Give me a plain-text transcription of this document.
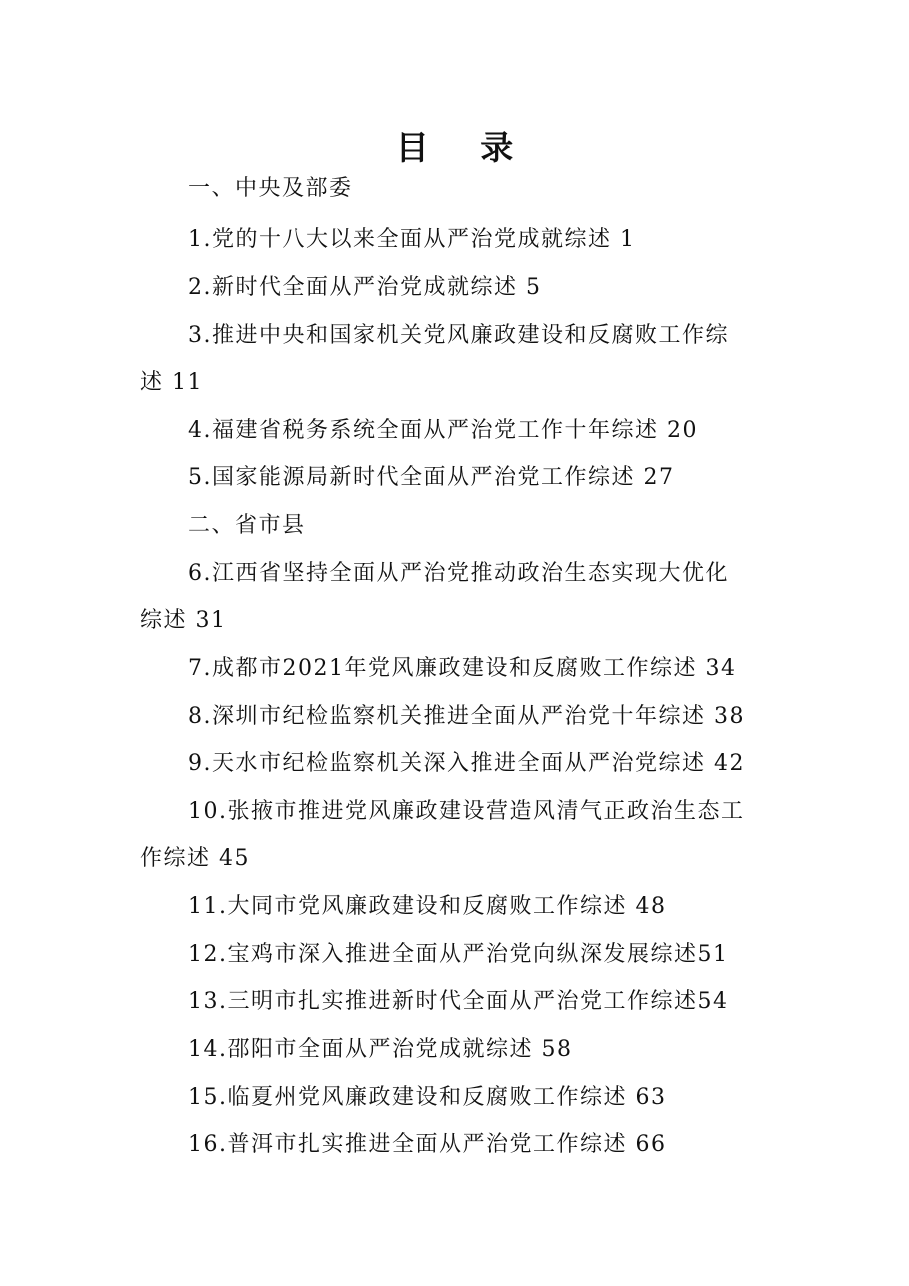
目 录
一、中央及部委
1.党的十八大以来全面从严治党成就综述 1
2.新时代全面从严治党成就综述 5
3.推进中央和国家机关党风廉政建设和反腐败工作综
述 11
4.福建省税务系统全面从严治党工作十年综述 20
5.国家能源局新时代全面从严治党工作综述 27
二、省市县
6.江西省坚持全面从严治党推动政治生态实现大优化
综述 31
7.成都市2021年党风廉政建设和反腐败工作综述 34
8.深圳市纪检监察机关推进全面从严治党十年综述 38
9.天水市纪检监察机关深入推进全面从严治党综述 42
10.张掖市推进党风廉政建设营造风清气正政治生态工
作综述 45
11.大同市党风廉政建设和反腐败工作综述 48
12.宝鸡市深入推进全面从严治党向纵深发展综述51
13.三明市扎实推进新时代全面从严治党工作综述54
14.邵阳市全面从严治党成就综述 58
15.临夏州党风廉政建设和反腐败工作综述 63
16.普洱市扎实推进全面从严治党工作综述 66
